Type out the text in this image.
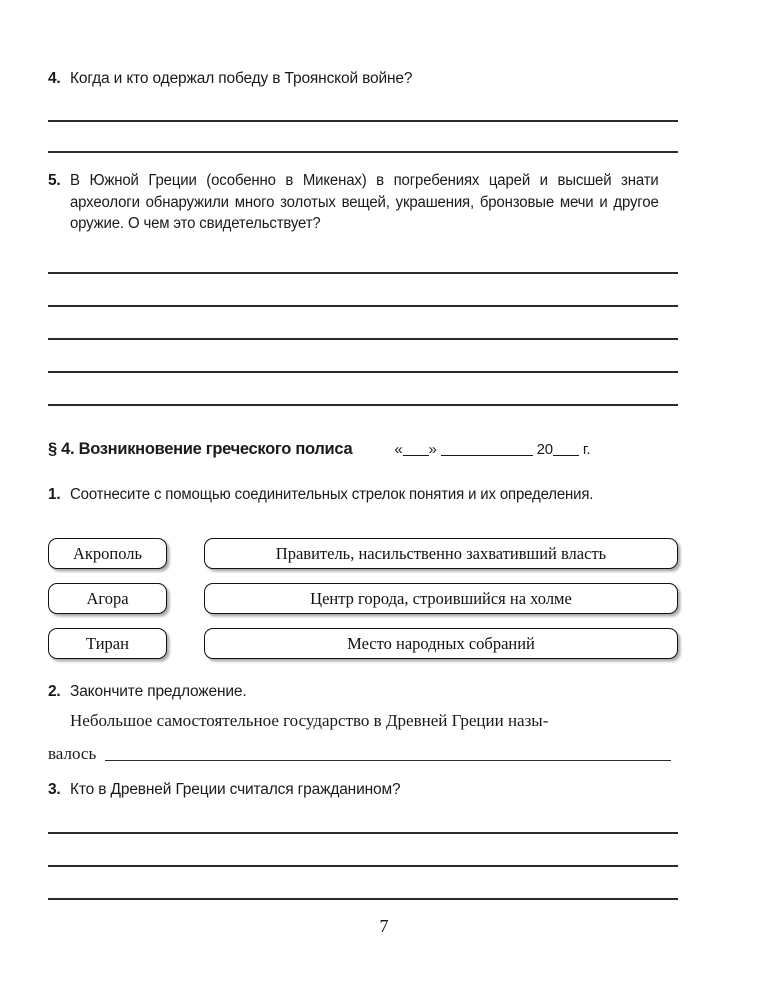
4. Когда и кто одержал победу в Троянской войне?
5. В Южной Греции (особенно в Микенах) в погребениях царей и высшей знати археологи обнаружили много золотых вещей, украшения, бронзовые мечи и другое оружие. О чем это свидетельствует?
§ 4. Возникновение греческого полиса	« »	20 г.
1. Соотнесите с помощью соединительных стрелок понятия и их определения.
Акрополь	Правитель, насильственно захвативший власть
Агора	Центр города, строившийся на холме
Тиран	Место народных собраний
2. Закончите предложение.
Небольшое самостоятельное государство в Древней Греции назы-
валось
3. Кто в Древней Греции считался гражданином?
7
